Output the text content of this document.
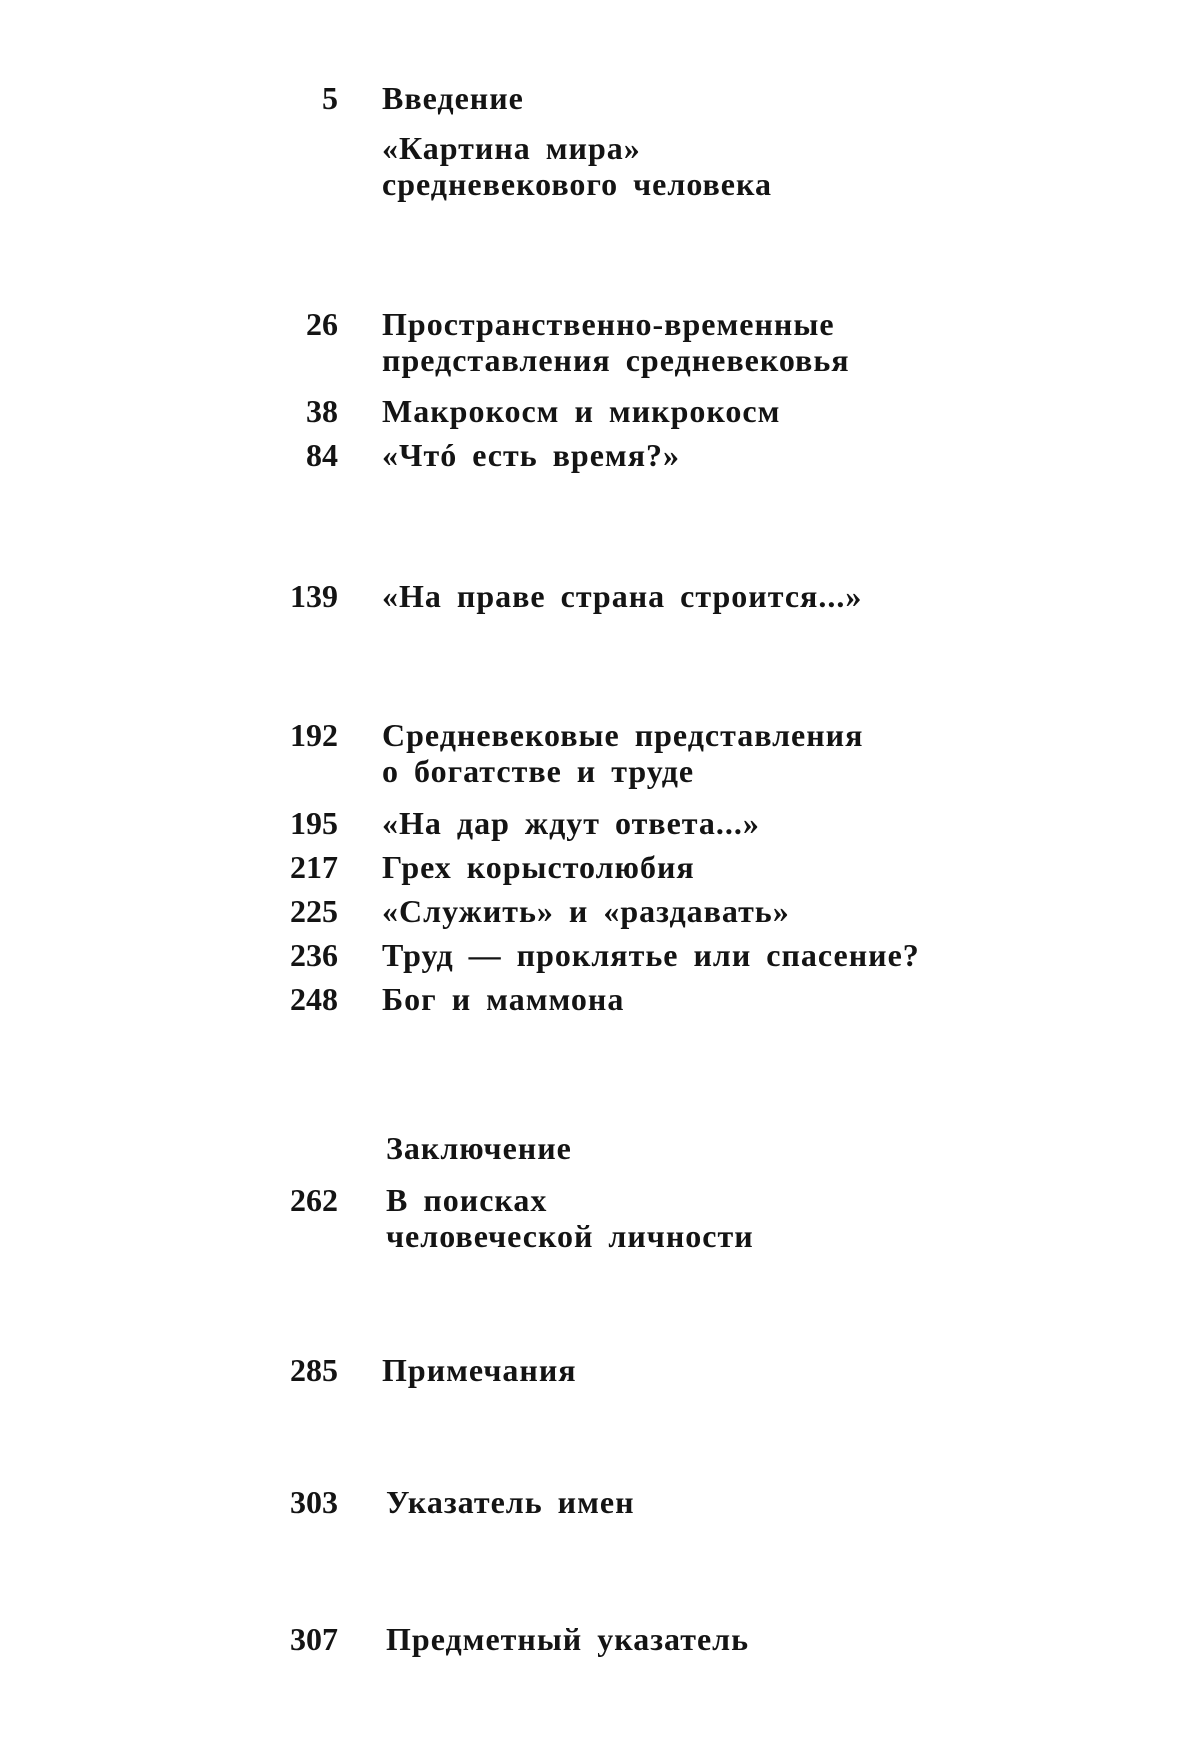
5 Введение
«Картина мира»
средневекового человека
26 Пространственно-временные
представления средневековья
38 Макрокосм и микрокосм
84 «Чтó есть время?»
139 «На праве страна строится...»
192 Средневековые представления
о богатстве и труде
195 «На дар ждут ответа...»
217 Грех корыстолюбия
225 «Служить» и «раздавать»
236 Труд — проклятье или спасение?
248 Бог и маммона
Заключение
262 В поисках
человеческой личности
285 Примечания
303 Указатель имен
307 Предметный указатель
